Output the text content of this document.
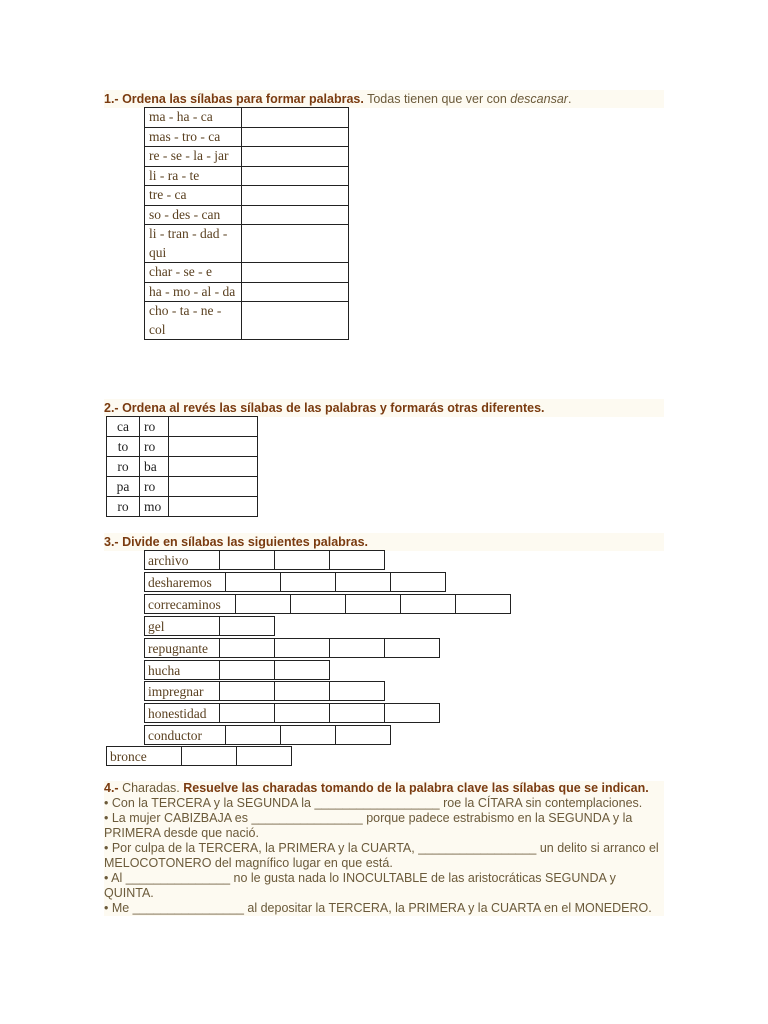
1.- Ordena las sílabas para formar palabras. Todas tienen que ver con descansar.
ma - ha - ca	
mas - tro - ca	
re - se - la - jar	
li - ra - te	
tre - ca	
so - des - can	
li - tran - dad - qui	
char - se - e	
ha - mo - al - da	
cho - ta - ne - col	
2.- Ordena al revés las sílabas de las palabras y formarás otras diferentes.
ca	ro	
to	ro	
ro	ba	
pa	ro	
ro	mo	
3.- Divide en sílabas las siguientes palabras.
archivo
desharemos
correcaminos
gel
repugnante
hucha
impregnar
honestidad
conductor
bronce
4.- Charadas. Resuelve las charadas tomando de la palabra clave las sílabas que se indican.
• Con la TERCERA y la SEGUNDA la __________________ roe la CÍTARA sin contemplaciones.
• La mujer CABIZBAJA es ________________ porque padece estrabismo en la SEGUNDA y la PRIMERA desde que nació.
• Por culpa de la TERCERA, la PRIMERA y la CUARTA, _________________ un delito si arranco el MELOCOTONERO del magnífico lugar en que está.
• Al _______________ no le gusta nada lo INOCULTABLE de las aristocráticas SEGUNDA y QUINTA.
• Me ________________ al depositar la TERCERA, la PRIMERA y la CUARTA en el MONEDERO.
